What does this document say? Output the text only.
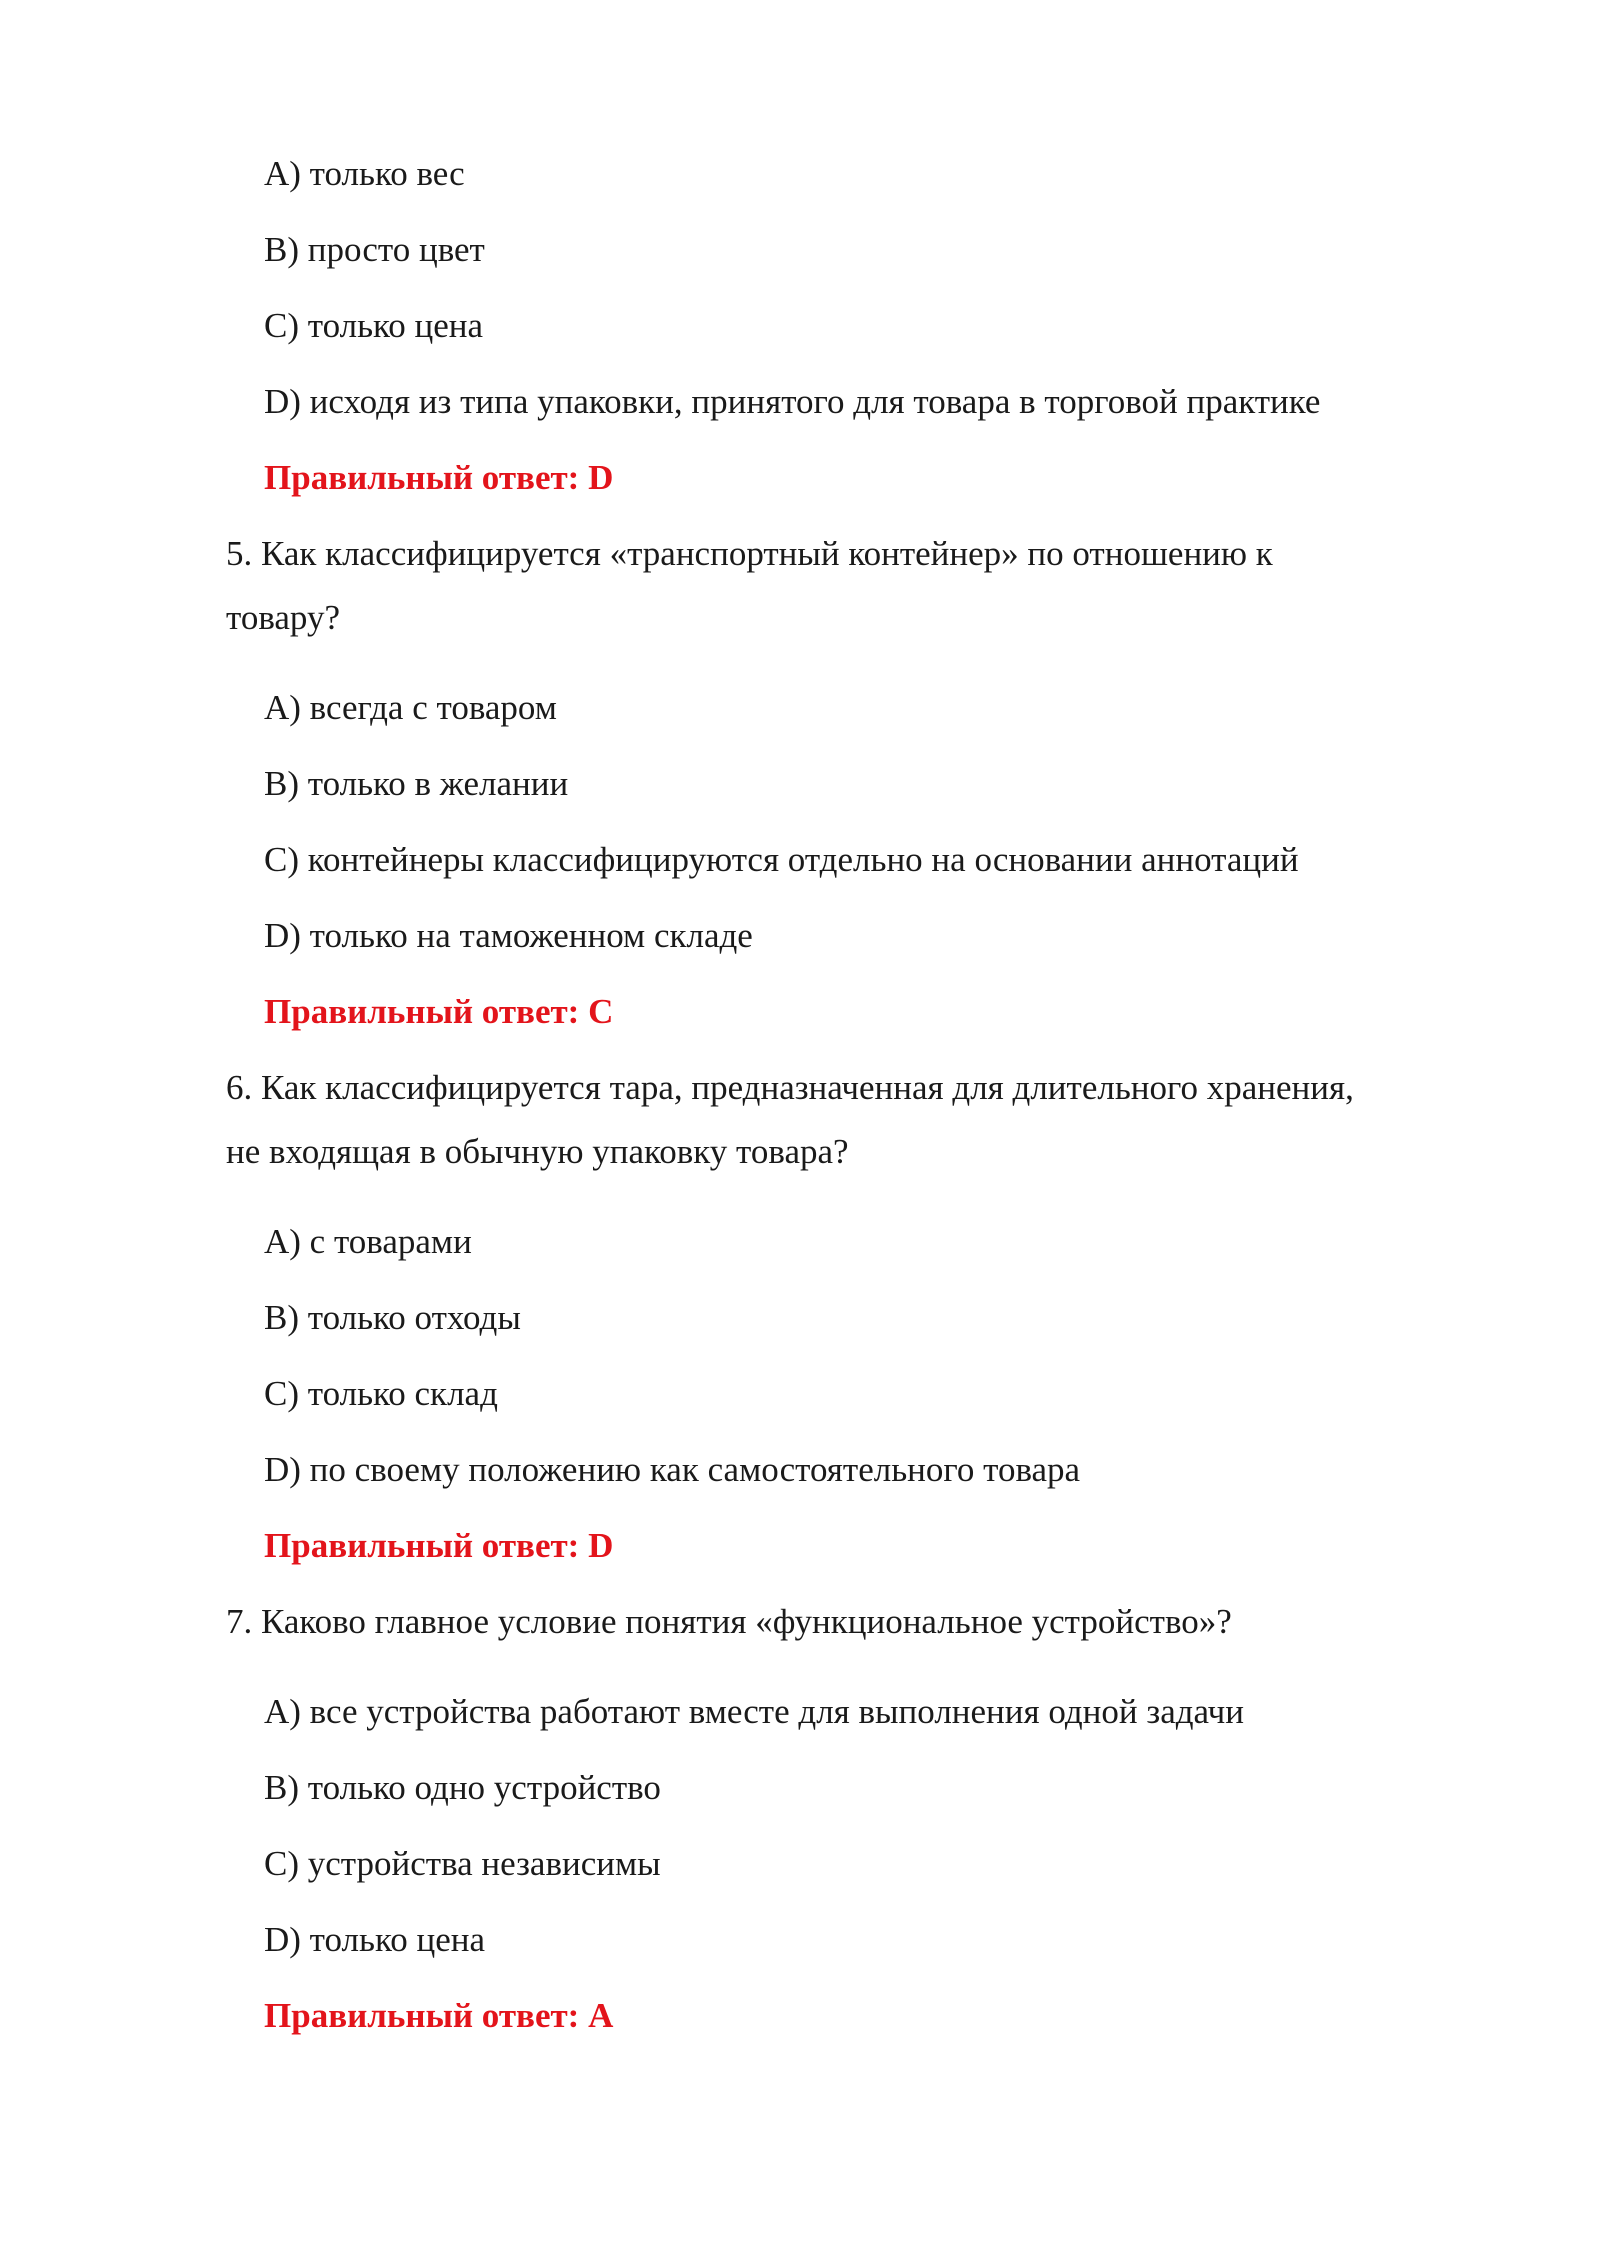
A) только вес
B) просто цвет
C) только цена
D) исходя из типа упаковки, принятого для товара в торговой практике
Правильный ответ: D
5. Как классифицируется «транспортный контейнер» по отношению к
товару?
A) всегда с товаром
B) только в желании
C) контейнеры классифицируются отдельно на основании аннотаций
D) только на таможенном складе
Правильный ответ: C
6. Как классифицируется тара, предназначенная для длительного хранения,
не входящая в обычную упаковку товара?
A) с товарами
B) только отходы
C) только склад
D) по своему положению как самостоятельного товара
Правильный ответ: D
7. Каково главное условие понятия «функциональное устройство»?
A) все устройства работают вместе для выполнения одной задачи
B) только одно устройство
C) устройства независимы
D) только цена
Правильный ответ: A
